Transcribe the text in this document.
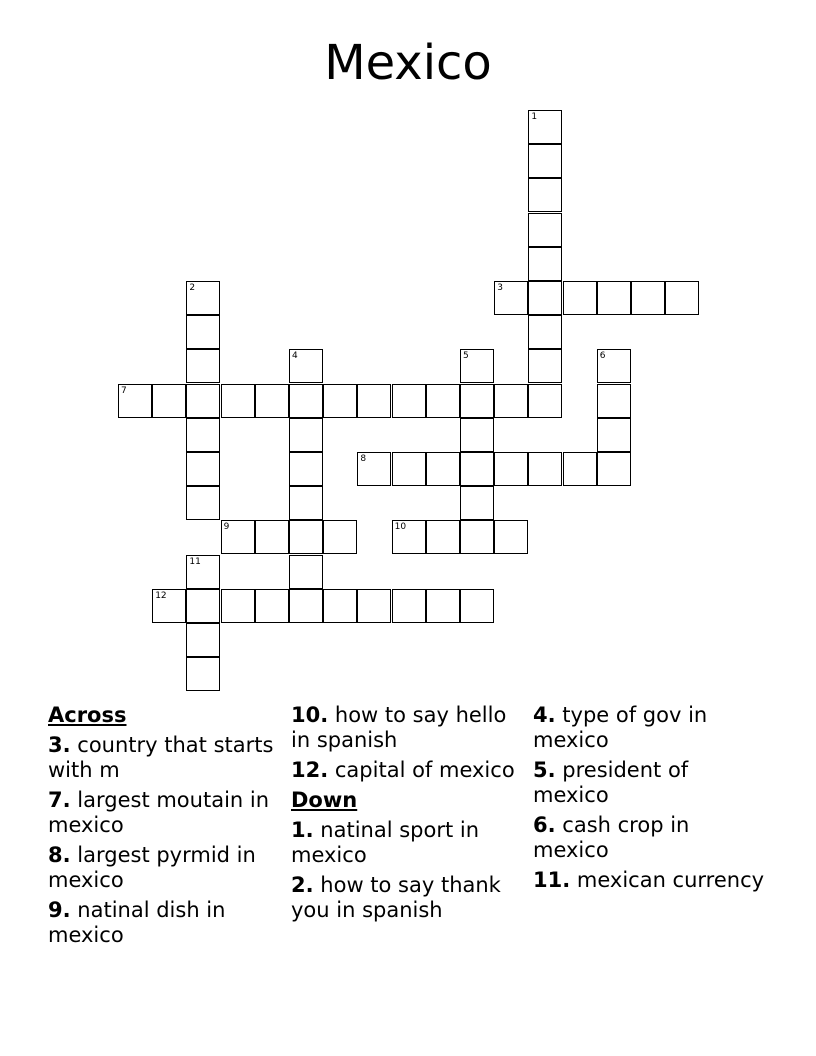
Mexico
1
3
2
4	5	6
7
8
9	10
11
12
Across
3. country that starts with m
7. largest moutain in mexico
8. largest pyrmid in mexico
9. natinal dish in mexico
10. how to say hello in spanish
12. capital of mexico
Down
1. natinal sport in mexico
2. how to say thank you in spanish
4. type of gov in mexico
5. president of mexico
6. cash crop in mexico
11. mexican currency
